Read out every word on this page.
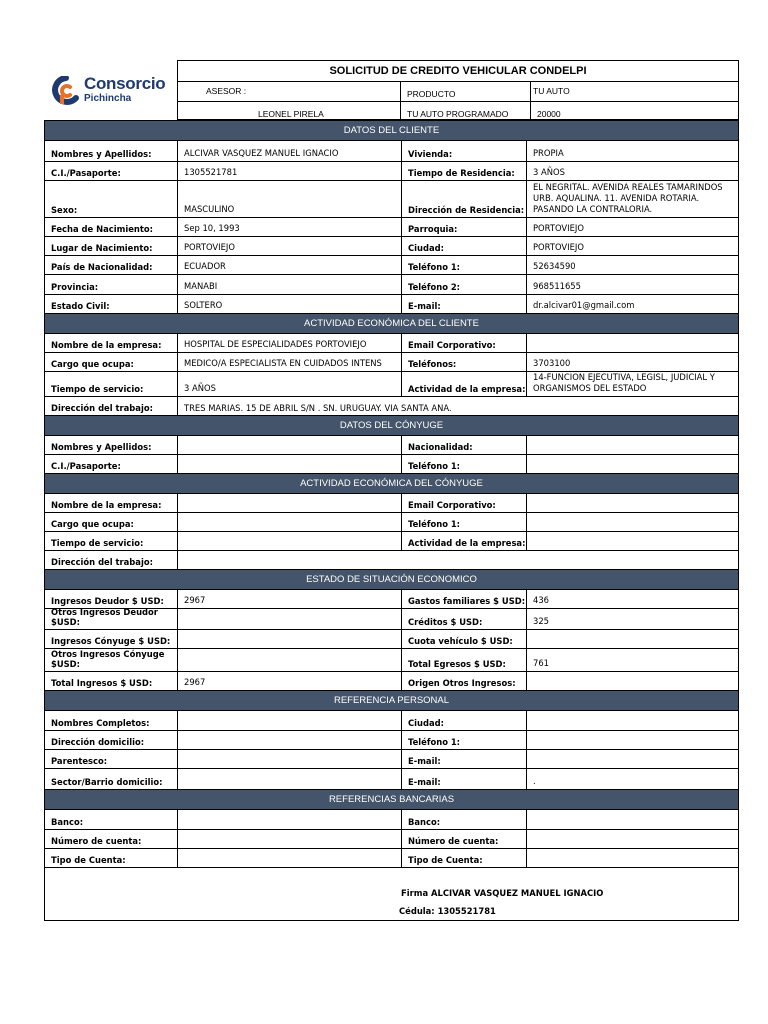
Consorcio
Pichincha
SOLICITUD DE CREDITO VEHICULAR CONDELPI
ASESOR :	PRODUCTO	TU AUTO
LEONEL PIRELA	TU AUTO PROGRAMADO	20000
DATOS DEL CLIENTE
Nombres y Apellidos:	ALCIVAR VASQUEZ MANUEL IGNACIO	Vivienda:	PROPIA
C.I./Pasaporte:	1305521781	Tiempo de Residencia: 3 AÑOS
Sexo:	MASCULINO	Dirección de Residencia:
EL NEGRITAL. AVENIDA REALES TAMARINDOS
URB. AQUALINA. 11. AVENIDA ROTARIA.
PASANDO LA CONTRALORIA.
Fecha de Nacimiento:	Sep 10, 1993	Parroquia:	PORTOVIEJO
Lugar de Nacimiento:	PORTOVIEJO	Ciudad:	PORTOVIEJO
País de Nacionalidad:	ECUADOR	Teléfono 1:	52634590
Provincia:	MANABI	Teléfono 2:	968511655
Estado Civil:	SOLTERO	E-mail:	dr.alcivar01@gmail.com
ACTIVIDAD ECONÓMICA DEL CLIENTE
Nombre de la empresa:	HOSPITAL DE ESPECIALIDADES PORTOVIEJO	Email Corporativo:
Cargo que ocupa:	MEDICO/A ESPECIALISTA EN CUIDADOS INTENS	Teléfonos:	3703100
Tiempo de servicio:	3 AÑOS	Actividad de la empresa:
14-FUNCION EJECUTIVA, LEGISL, JUDICIAL Y
ORGANISMOS DEL ESTADO
Dirección del trabajo:	TRES MARIAS. 15 DE ABRIL S/N . SN. URUGUAY. VIA SANTA ANA.
DATOS DEL CÓNYUGE
Nombres y Apellidos:	Nacionalidad:
C.I./Pasaporte:	Teléfono 1:
ACTIVIDAD ECONÓMICA DEL CÓNYUGE
Nombre de la empresa:	Email Corporativo:
Cargo que ocupa:	Teléfono 1:
Tiempo de servicio:	Actividad de la empresa:
Dirección del trabajo:
ESTADO DE SITUACIÓN ECONOMICO
Ingresos Deudor $ USD: 2967	Gastos familiares $ USD: 436
Otros Ingresos Deudor $USD:	Créditos $ USD:	325
Ingresos Cónyuge $ USD:	Cuota vehículo $ USD:
Otros Ingresos Cónyuge $USD:	Total Egresos $ USD:	761
Total Ingresos $ USD:	2967	Origen Otros Ingresos:
REFERENCIA PERSONAL
Nombres Completos:	Ciudad:
Dirección domicilio:	Teléfono 1:
Parentesco:	E-mail:
Sector/Barrio domicilio:	E-mail:	.
REFERENCIAS BANCARIAS
Banco:	Banco:
Número de cuenta:	Número de cuenta:
Tipo de Cuenta:	Tipo de Cuenta:
Firma ALCIVAR VASQUEZ MANUEL IGNACIO
Cédula: 1305521781
